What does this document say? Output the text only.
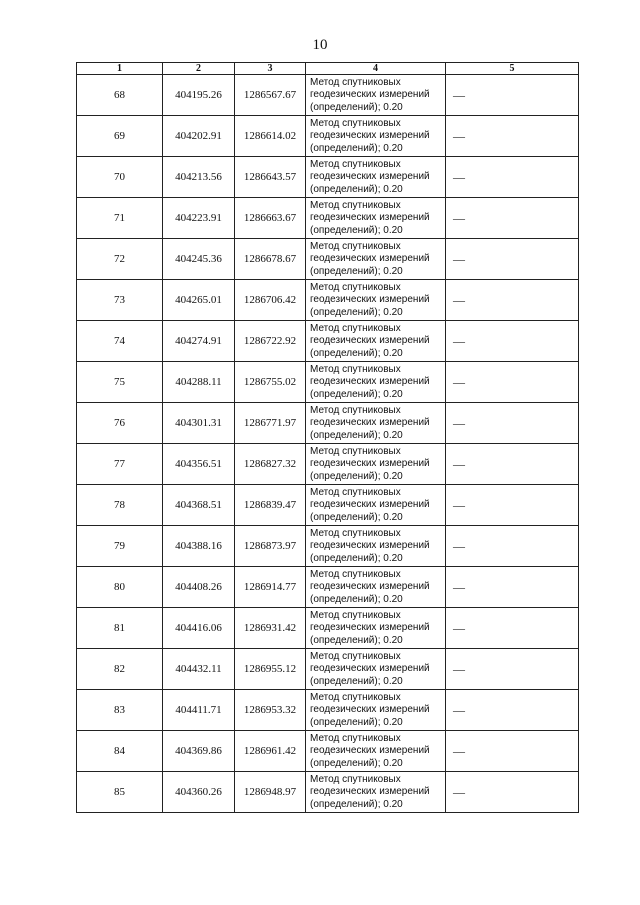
10
1	2	3	4	5
68	404195.26	1286567.67	Метод спутниковых геодезических измерений (определений); 0.20	—
69	404202.91	1286614.02	Метод спутниковых геодезических измерений (определений); 0.20	—
70	404213.56	1286643.57	Метод спутниковых геодезических измерений (определений); 0.20	—
71	404223.91	1286663.67	Метод спутниковых геодезических измерений (определений); 0.20	—
72	404245.36	1286678.67	Метод спутниковых геодезических измерений (определений); 0.20	—
73	404265.01	1286706.42	Метод спутниковых геодезических измерений (определений); 0.20	—
74	404274.91	1286722.92	Метод спутниковых геодезических измерений (определений); 0.20	—
75	404288.11	1286755.02	Метод спутниковых геодезических измерений (определений); 0.20	—
76	404301.31	1286771.97	Метод спутниковых геодезических измерений (определений); 0.20	—
77	404356.51	1286827.32	Метод спутниковых геодезических измерений (определений); 0.20	—
78	404368.51	1286839.47	Метод спутниковых геодезических измерений (определений); 0.20	—
79	404388.16	1286873.97	Метод спутниковых геодезических измерений (определений); 0.20	—
80	404408.26	1286914.77	Метод спутниковых геодезических измерений (определений); 0.20	—
81	404416.06	1286931.42	Метод спутниковых геодезических измерений (определений); 0.20	—
82	404432.11	1286955.12	Метод спутниковых геодезических измерений (определений); 0.20	—
83	404411.71	1286953.32	Метод спутниковых геодезических измерений (определений); 0.20	—
84	404369.86	1286961.42	Метод спутниковых геодезических измерений (определений); 0.20	—
85	404360.26	1286948.97	Метод спутниковых геодезических измерений (определений); 0.20	—
